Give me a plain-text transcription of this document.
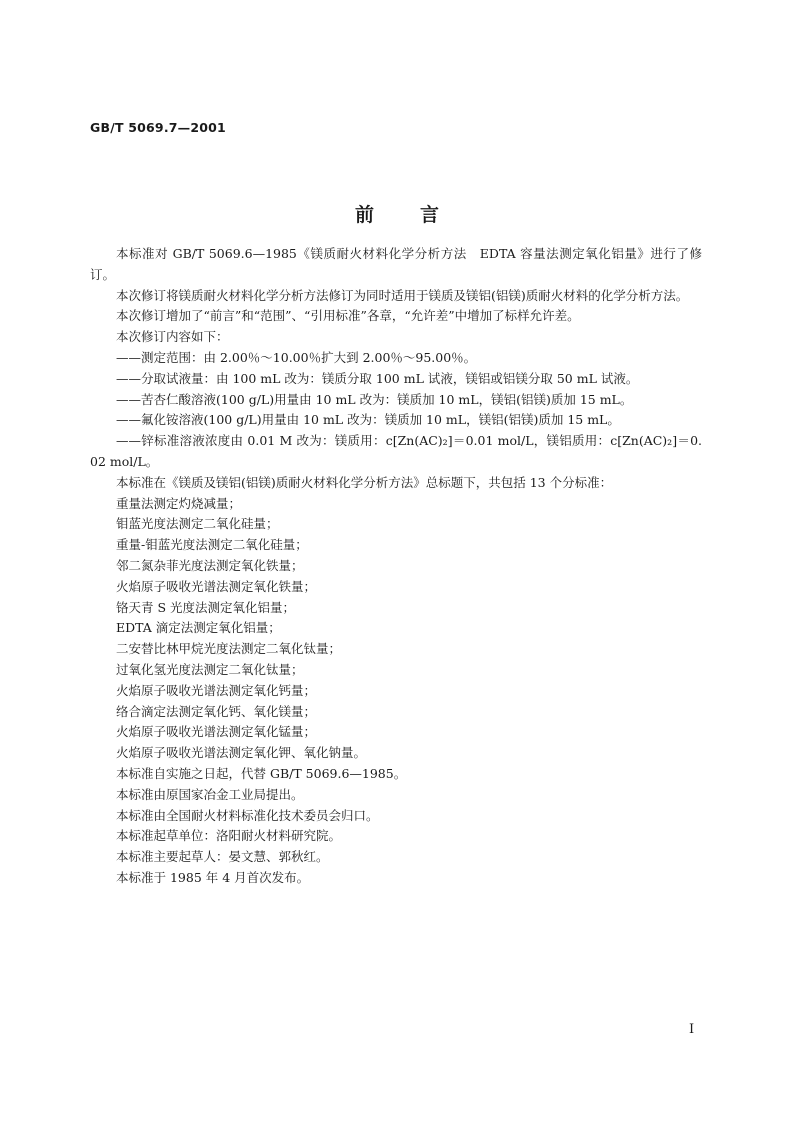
GB/T 5069.7—2001
前 言

本标准对 GB/T 5069.6—1985《镁质耐火材料化学分析方法　EDTA 容量法测定氧化铝量》进行了修订。

本次修订将镁质耐火材料化学分析方法修订为同时适用于镁质及镁铝(铝镁)质耐火材料的化学分析方法。

本次修订增加了“前言”和“范围”、“引用标准”各章，“允许差”中增加了标样允许差。

本次修订内容如下：

——测定范围：由 2.00％～10.00％扩大到 2.00％～95.00％。

——分取试液量：由 100 mL 改为：镁质分取 100 mL 试液，镁铝或铝镁分取 50 mL 试液。

——苦杏仁酸溶液(100 g/L)用量由 10 mL 改为：镁质加 10 mL，镁铝(铝镁)质加 15 mL。

——氟化铵溶液(100 g/L)用量由 10 mL 改为：镁质加 10 mL，镁铝(铝镁)质加 15 mL。

——锌标准溶液浓度由 0.01 M 改为：镁质用：c[Zn(AC)₂]＝0.01 mol/L，镁铝质用：c[Zn(AC)₂]＝0.02 mol/L。

本标准在《镁质及镁铝(铝镁)质耐火材料化学分析方法》总标题下，共包括 13 个分标准：

重量法测定灼烧减量；

钼蓝光度法测定二氧化硅量；

重量-钼蓝光度法测定二氧化硅量；

邻二氮杂菲光度法测定氧化铁量；

火焰原子吸收光谱法测定氧化铁量；

铬天青 S 光度法测定氧化铝量；

EDTA 滴定法测定氧化铝量；

二安替比林甲烷光度法测定二氧化钛量；

过氧化氢光度法测定二氧化钛量；

火焰原子吸收光谱法测定氧化钙量；

络合滴定法测定氧化钙、氧化镁量；

火焰原子吸收光谱法测定氧化锰量；

火焰原子吸收光谱法测定氧化钾、氧化钠量。

本标准自实施之日起，代替 GB/T 5069.6—1985。

本标准由原国家冶金工业局提出。

本标准由全国耐火材料标准化技术委员会归口。

本标准起草单位：洛阳耐火材料研究院。

本标准主要起草人：晏文慧、郭秋红。

本标准于 1985 年 4 月首次发布。

I
